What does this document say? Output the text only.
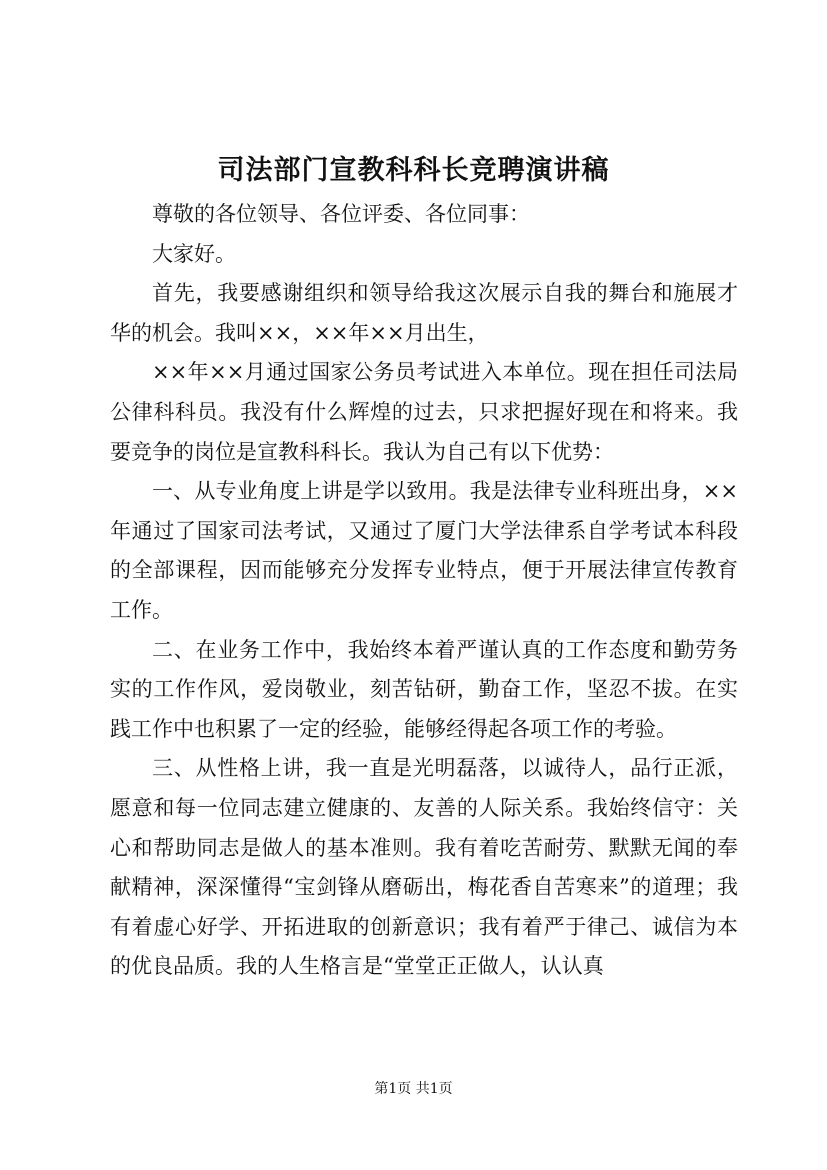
司法部门宣教科科长竞聘演讲稿

尊敬的各位领导、各位评委、各位同事：

大家好。

首先，我要感谢组织和领导给我这次展示自我的舞台和施展才华的机会。我叫××，××年××月出生，

××年××月通过国家公务员考试进入本单位。现在担任司法局公律科科员。我没有什么辉煌的过去，只求把握好现在和将来。我要竞争的岗位是宣教科科长。我认为自己有以下优势：

一、从专业角度上讲是学以致用。我是法律专业科班出身，××年通过了国家司法考试，又通过了厦门大学法律系自学考试本科段的全部课程，因而能够充分发挥专业特点，便于开展法律宣传教育工作。

二、在业务工作中，我始终本着严谨认真的工作态度和勤劳务实的工作作风，爱岗敬业，刻苦钻研，勤奋工作，坚忍不拔。在实践工作中也积累了一定的经验，能够经得起各项工作的考验。

三、从性格上讲，我一直是光明磊落，以诚待人，品行正派，愿意和每一位同志建立健康的、友善的人际关系。我始终信守：关心和帮助同志是做人的基本准则。我有着吃苦耐劳、默默无闻的奉献精神，深深懂得“宝剑锋从磨砺出，梅花香自苦寒来”的道理；我有着虚心好学、开拓进取的创新意识；我有着严于律己、诚信为本的优良品质。我的人生格言是“堂堂正正做人，认认真

第1页 共1页
